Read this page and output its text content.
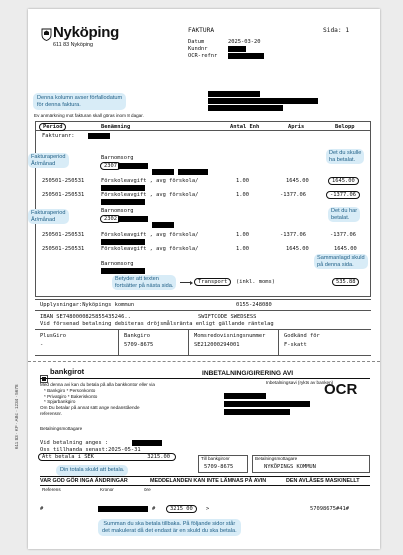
Nyköping
611 83 Nyköping
FAKTURA	Sida: 1
Datum	2025-03-20
Kundnr
OCR-refnr
Denna kolumn avser förfallodatum
för denna faktura.
Ev anmärkning mot fakturan skall göras inom 8 dagar.
Period	Benämning	Antal Enh	Apris	Belopp
Fakturanr:
Fakturaperiod
År/månad
Barnomsorg
2307
250501-250531	Förskoleavgift , avg förskola/	1.00	1645.00	1645.00
250501-250531	Förskoleavgift , avg förskola/	1.00	-1377.06	-1377.06
Det du skulle
ha betalat.
Det du har
betalat.
Fakturaperiod
År/månad
Barnomsorg
2302
250501-250531	Förskoleavgift , avg förskola/	1.00	-1377.06	-1377.06
250501-250531	Förskoleavgift , avg förskola/	1.00	1645.00	1645.00
Sammanlagd skuld
på denna sida.
Barnomsorg
Betyder att texten
fortsätter på nästa sida.
Transport	(inkl. moms)	535.88
Upplysningar:Nyköpings kommun	0155-248080
IBAN SE7480000825855435246..	SWIFTCODE SWEDSESS
Vid försenad betalning debiteras dröjsmålsränta enligt gällande räntelag
PlusGiro
-
Bankgiro
5709-8675
Momsredovisningsnummer
SE212000294001
Godkänd för
F-skatt
bankgirot	INBETALNING/GIRERING AVI
OCR
Inbetalningsavi (rykts av banken)
Med denna avi kan du betala på alla bankkontor eller via
* Bankgiro * Personkonto
* Privatgiro * Bakeriskonto
* Spjarbankgiro
Om Du betalar på annat sätt ange nedanstående
referensnr.
Betalningsmottagare
Vid betalning anges :
Oss tillhanda senast:2025-05-31
Att betala i SEK	3215.00
Din totala skuld att betala.
Till bankgironr
5709-8675
Betalningsmottagare
NYKÖPINGS KOMMUN
VAR GOD GÖR INGA ÄNDRINGAR	MEDDELANDEN KAN INTE LÄMNAS PÅ AVIN	DEN AVLÄSES MASKINELLT
Referens	Kronor	öre
#	#	3215 00	>	57098675#41#
Summan du ska betala tillbaka. På följande sidor står
det makulerat då det endast är en skuld du ska betala.
611 83 · KF · ABc · 1234 · 5678
